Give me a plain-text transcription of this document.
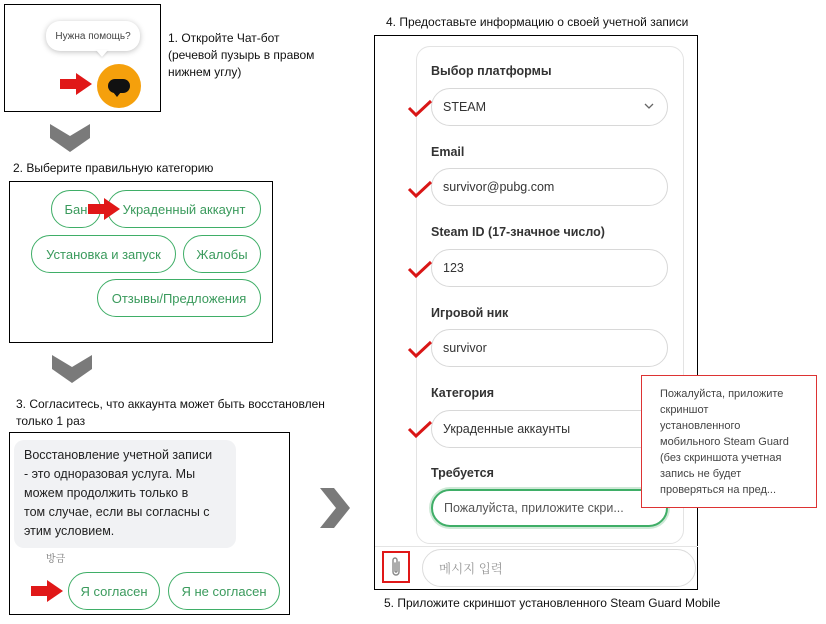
Нужна помощь?	1. Откройте Чат-бот
(речевой пузырь в правом
нижнем углу)
2. Выберите правильную категорию
Бан	Украденный аккаунт
Установка и запуск	Жалобы
Отзывы/Предложения
3. Согласитесь, что аккаунта может быть восстановлен
только 1 раз
Восстановление учетной записи
- это одноразовая услуга. Мы
можем продолжить только в
том случае, если вы согласны с
этим условием.
방금
Я согласен	Я не согласен
4. Предоставьте информацию о своей учетной записи
Выбор платформы
STEAM
Email
survivor@pubg.com
Steam ID (17-значное число)
123
Игровой ник
survivor
Категория
Украденные аккаунты
Требуется
Пожалуйста, приложите скри...
메시지 입력
Пожалуйста, приложите
скриншот
установленного
мобильного Steam Guard
(без скриншота учетная
запись не будет
проверяться на пред...
5. Приложите скриншот установленного Steam Guard Mobile
